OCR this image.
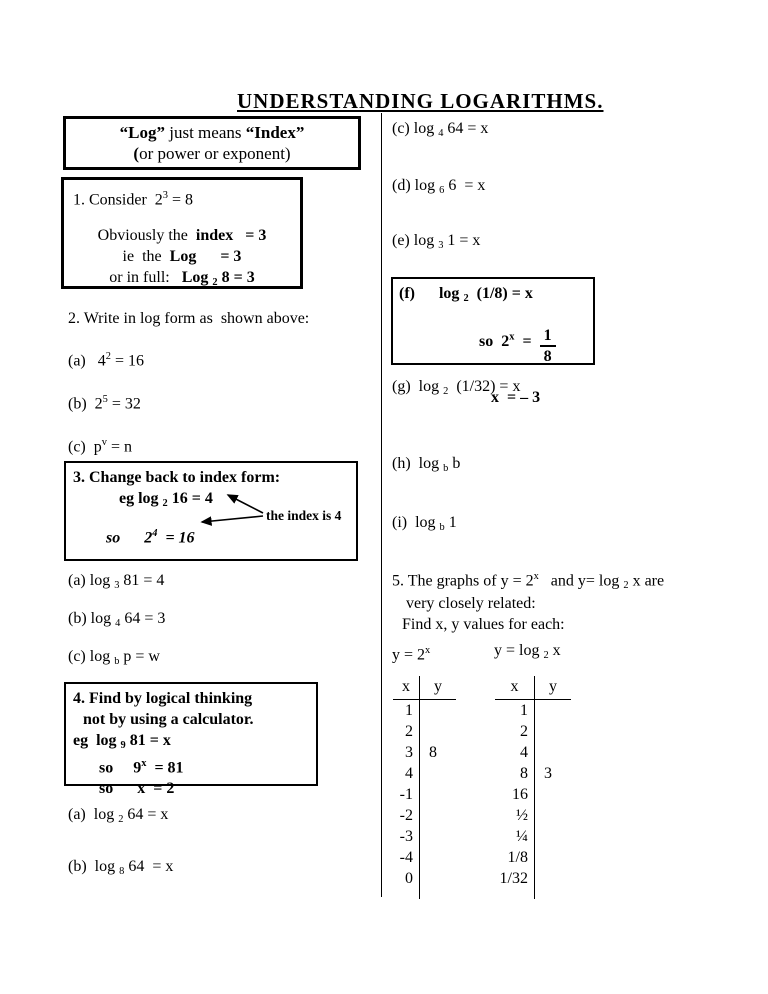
UNDERSTANDING LOGARITHMS.
“Log” just means “Index”
(or power or exponent)
1. Consider  $2^3 = 8$
Obviously the  index = 3
ie  the  Log = 3
or in full:   Log $_2$ 8 = 3
2. Write in log form as  shown above:
(a)   $4^2 = 16$
(b)  $2^5 = 32$
(c)  $p^v = n$
3. Change back to index form:
eg log $_2$ 16 = 4
so $2^4 = 16$
the index is 4
(a) log $_3$ 81 = 4
(b) log $_4$ 64 = 3
(c) log $_b$ p = w
4. Find by logical thinking
not by using a calculator.
eg  log $_9$ 81 = x
so     9$^x$  = 81
so      x  = 2
(a)  log $_2$ 64 = x
(b)  log $_8$ 64  = x
(c) log $_4$ 64 = x
(d) log $_6$ 6  = x
(e) log $_3$ 1 = x
(f) log $_2$  (1/8) = x

so  $2^x = \frac{1}{8}$

x  = – 3
(g)  log $_2$  (1/32) = x
(h)  log $_b$ b
(i)  log $_b$ 1
5. The graphs of $y = 2^x$   and y= log $_2$ x are
very closely related:
Find x, y values for each:
$y = 2^x$	y = log $_2$ x
x	y
1
2
3	8
4
-1
-2
-3
-4
0
x	y
1
2
4
8	3
16
½
¼
1/8
1/32
